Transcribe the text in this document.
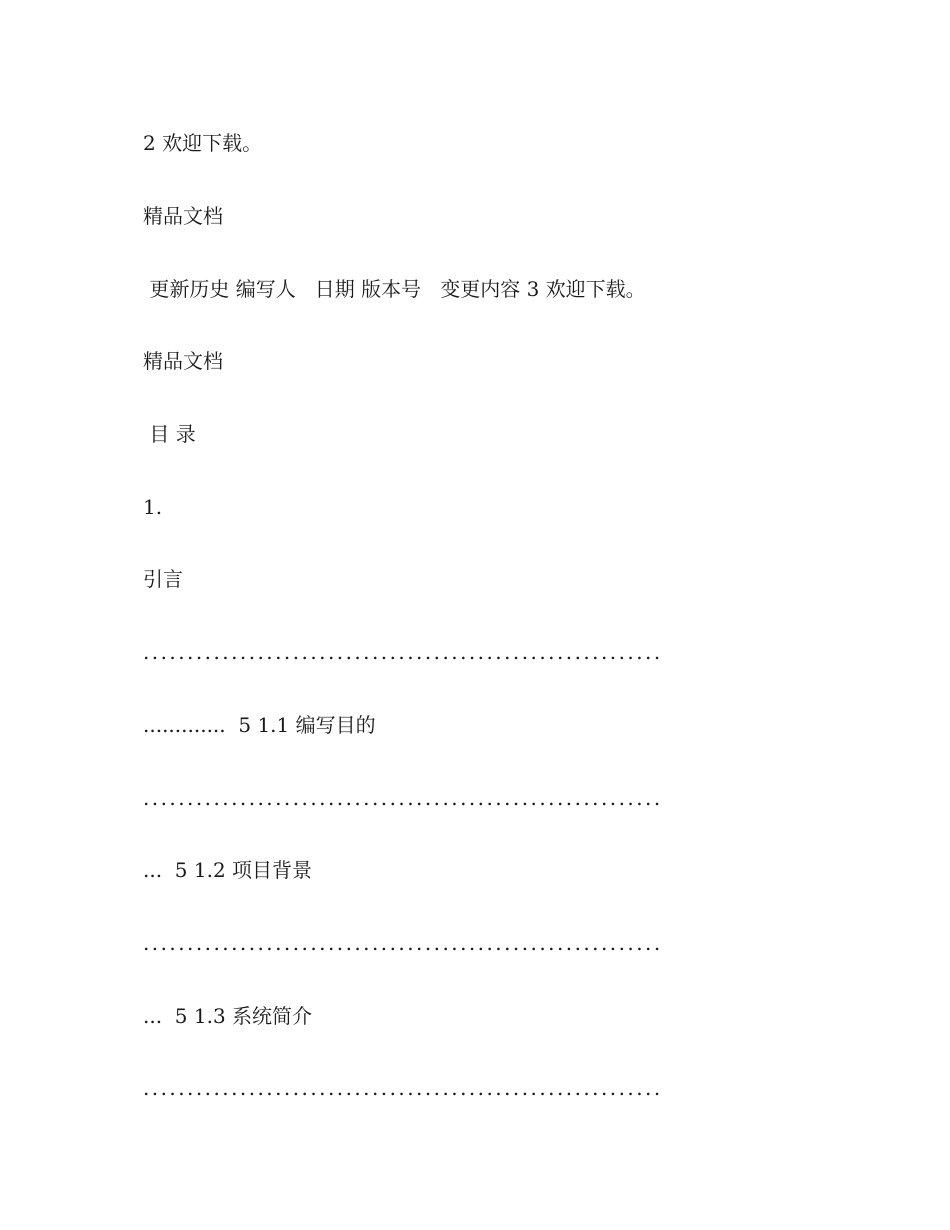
2 欢迎下载。
精品文档
更新历史 编写人   日期 版本号   变更内容 3 欢迎下载。
精品文档
目 录
1.
引言
...........................................................
.............  5 1.1 编写目的
...........................................................
...  5 1.2 项目背景
...........................................................
...  5 1.3 系统简介
...........................................................
